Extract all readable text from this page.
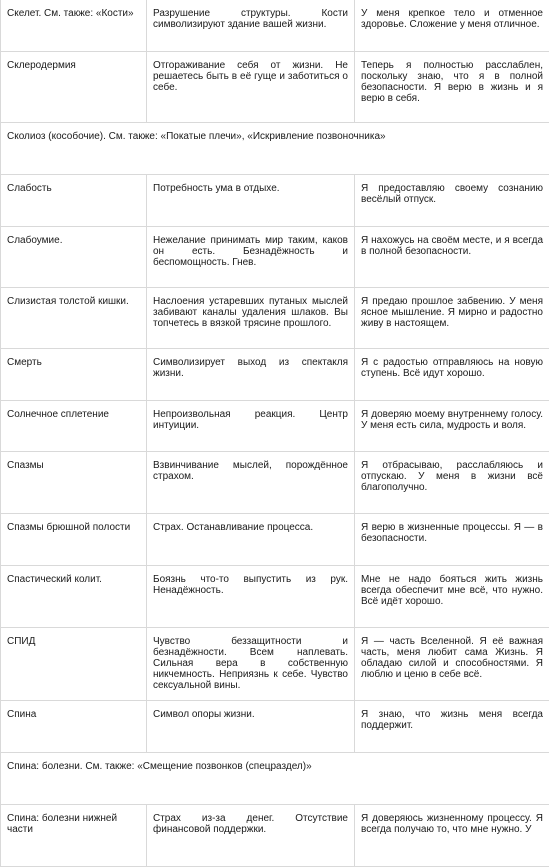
Скелет. См. также: «Кости»	Разрушение структуры. Кости символизируют здание вашей жизни.	У меня крепкое тело и отменное здоровье. Сложение у меня отличное.
Склеродермия	Отгораживание себя от жизни. Не решаетесь быть в её гуще и заботиться о себе.	Теперь я полностью расслаблен, поскольку знаю, что я в полной безопасности. Я верю в жизнь и я верю в себя.
Сколиоз (кособочие). См. также: «Покатые плечи», «Искривление позвоночника»		
Слабость	Потребность ума в отдыхе.	Я предоставляю своему сознанию весёлый отпуск.
Слабоумие.	Нежелание принимать мир таким, каков он есть. Безнадёжность и беспомощность. Гнев.	Я нахожусь на своём месте, и я всегда в полной безопасности.
Слизистая толстой кишки.	Наслоения устаревших путаных мыслей забивают каналы удаления шлаков. Вы топчетесь в вязкой трясине прошлого.	Я предаю прошлое забвению. У меня ясное мышление. Я мирно и радостно живу в настоящем.
Смерть	Символизирует выход из спектакля жизни.	Я с радостью отправляюсь на новую ступень. Всё идут хорошо.
Солнечное сплетение	Непроизвольная реакция. Центр интуиции.	Я доверяю моему внутреннему голосу. У меня есть сила, мудрость и воля.
Спазмы	Взвинчивание мыслей, порождённое страхом.	Я отбрасываю, расслабляюсь и отпускаю. У меня в жизни всё благополучно.
Спазмы брюшной полости	Страх. Останавливание процесса.	Я верю в жизненные процессы. Я — в безопасности.
Спастический колит.	Боязнь что-то выпустить из рук. Ненадёжность.	Мне не надо бояться жить жизнь всегда обеспечит мне всё, что нужно. Всё идёт хорошо.
СПИД	Чувство беззащитности и безнадёжности. Всем наплевать. Сильная вера в собственную никчемность. Неприязнь к себе. Чувство сексуальной вины.	Я — часть Вселенной. Я её важная часть, меня любит сама Жизнь. Я обладаю силой и способностями. Я люблю и ценю в себе всё.
Спина	Символ опоры жизни.	Я знаю, что жизнь меня всегда поддержит.
Спина: болезни. См. также: «Смещение позвонков (спецраздел)»		
Спина: болезни нижней части	Страх из-за денег. Отсутствие финансовой поддержки.	Я доверяюсь жизненному процессу. Я всегда получаю то, что мне нужно. У
